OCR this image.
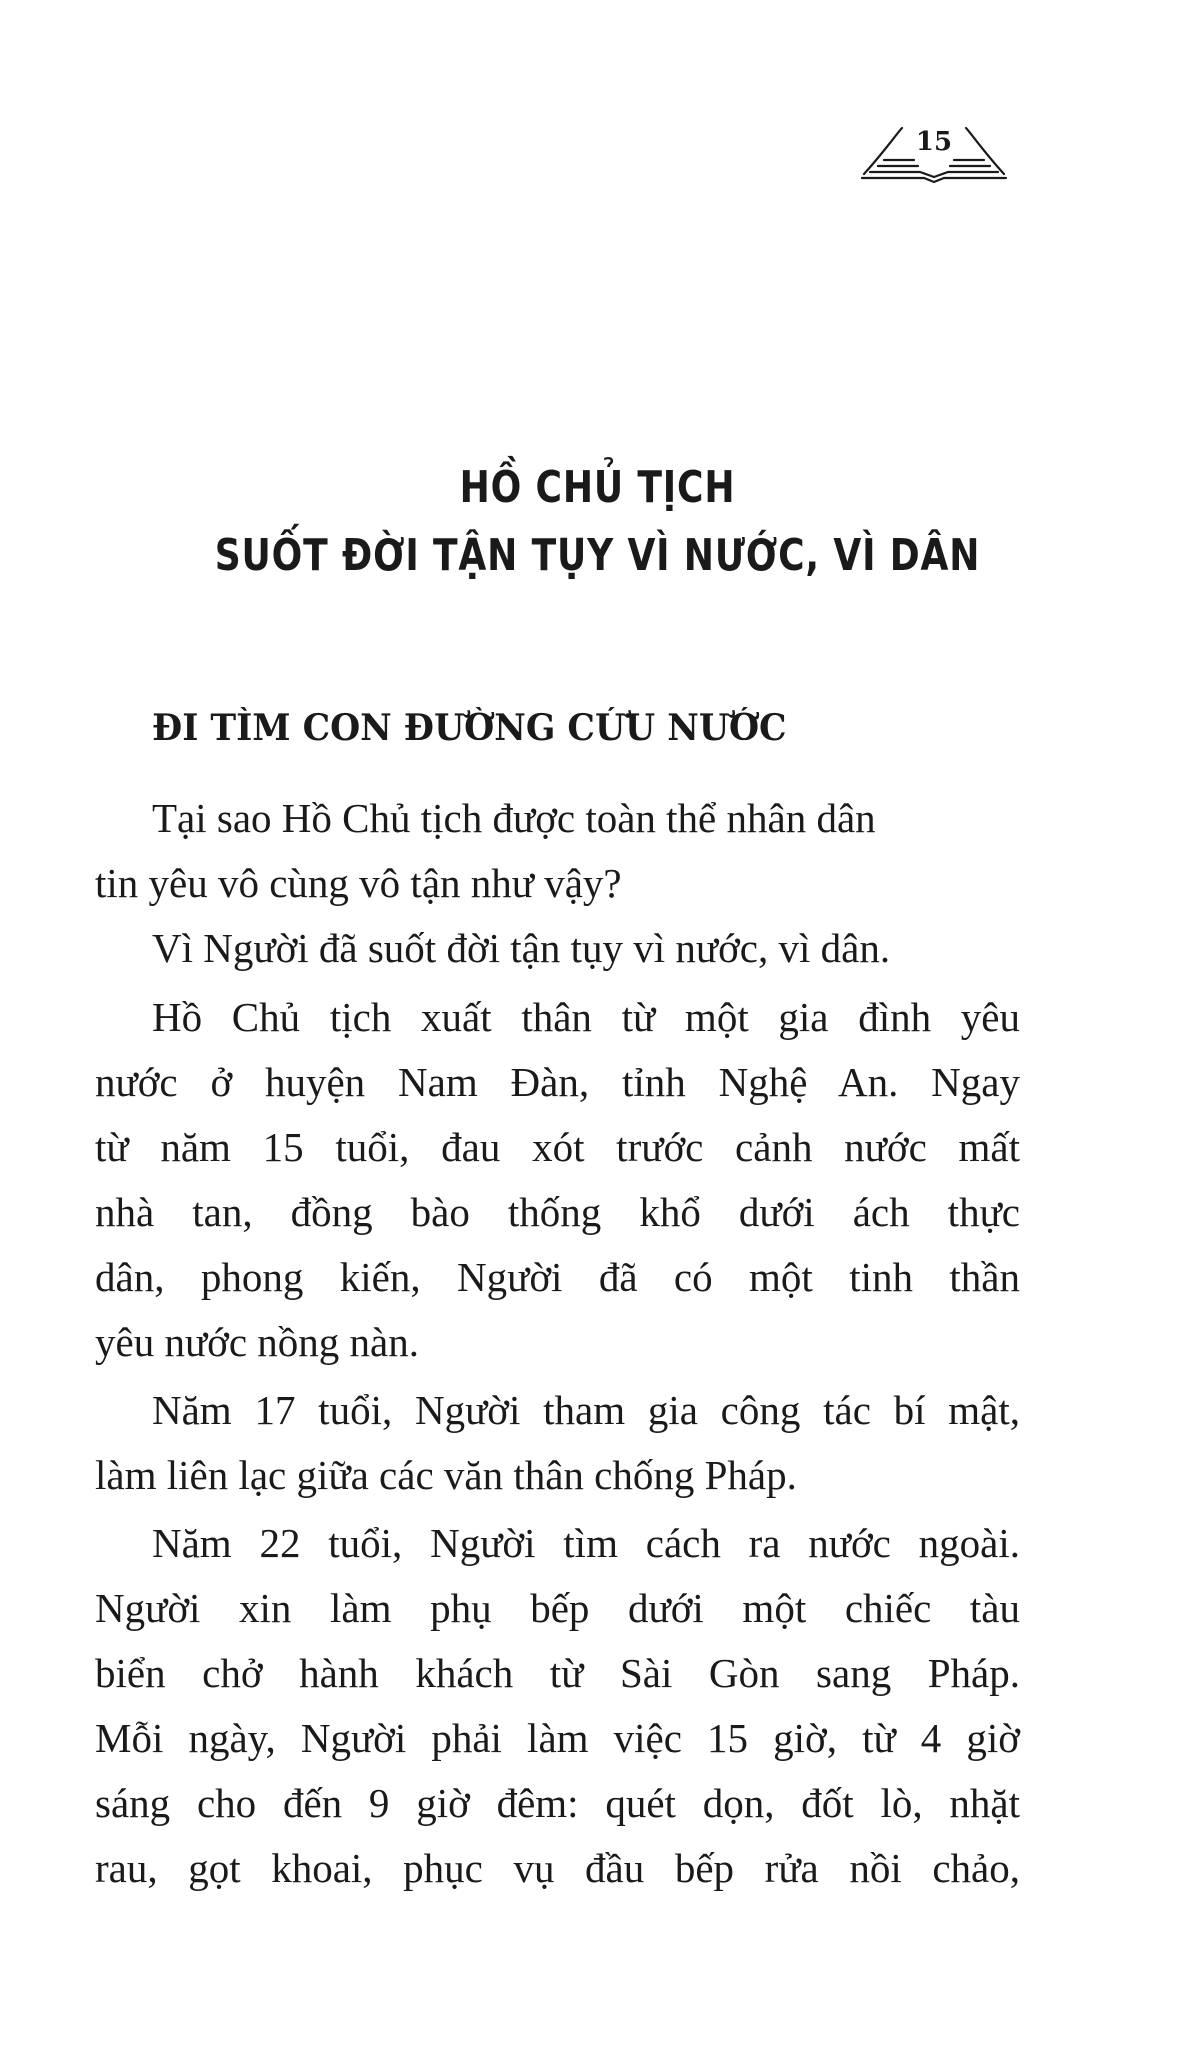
15
HỒ CHỦ TỊCH
SUỐT ĐỜI TẬN TỤY VÌ NƯỚC, VÌ DÂN
ĐI TÌM CON ĐƯỜNG CỨU NƯỚC
Tại sao Hồ Chủ tịch được toàn thể nhân dân
tin yêu vô cùng vô tận như vậy?
Vì Người đã suốt đời tận tụy vì nước, vì dân.
Hồ Chủ tịch xuất thân từ một gia đình yêu
nước ở huyện Nam Đàn, tỉnh Nghệ An. Ngay
từ năm 15 tuổi, đau xót trước cảnh nước mất
nhà tan, đồng bào thống khổ dưới ách thực
dân, phong kiến, Người đã có một tinh thần
yêu nước nồng nàn.
Năm 17 tuổi, Người tham gia công tác bí mật,
làm liên lạc giữa các văn thân chống Pháp.
Năm 22 tuổi, Người tìm cách ra nước ngoài.
Người xin làm phụ bếp dưới một chiếc tàu
biển chở hành khách từ Sài Gòn sang Pháp.
Mỗi ngày, Người phải làm việc 15 giờ, từ 4 giờ
sáng cho đến 9 giờ đêm: quét dọn, đốt lò, nhặt
rau, gọt khoai, phục vụ đầu bếp rửa nồi chảo,
